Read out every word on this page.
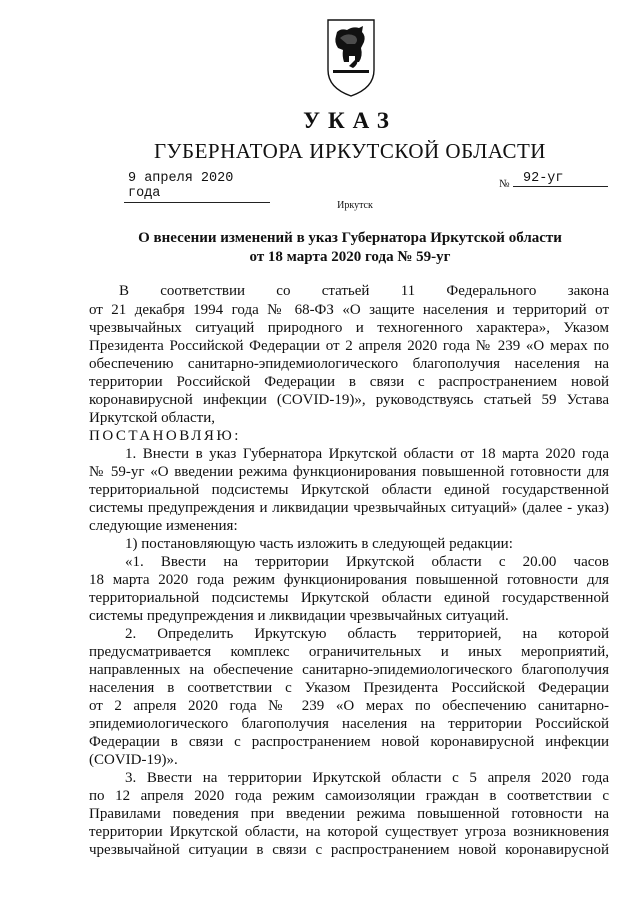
УКАЗ
ГУБЕРНАТОРА ИРКУТСКОЙ ОБЛАСТИ
9 апреля 2020 года
№	92-уг
Иркутск
О внесении изменений в указ Губернатора Иркутской области
от 18 марта 2020 года № 59-уг
В соответствии со статьей 11 Федерального закона
от 21 декабря 1994 года № 68-ФЗ «О защите населения и территорий от
чрезвычайных ситуаций природного и техногенного характера», Указом
Президента Российской Федерации от 2 апреля 2020 года № 239 «О мерах по
обеспечению санитарно-эпидемиологического благополучия населения на
территории Российской Федерации в связи с распространением новой
коронавирусной инфекции (COVID-19)», руководствуясь статьей 59 Устава
Иркутской области,
ПОСТАНОВЛЯЮ:
1. Внести в указ Губернатора Иркутской области от 18 марта 2020 года
№ 59-уг «О введении режима функционирования повышенной готовности для
территориальной подсистемы Иркутской области единой государственной
системы предупреждения и ликвидации чрезвычайных ситуаций» (далее - указ)
следующие изменения:
1) постановляющую часть изложить в следующей редакции:
«1. Ввести на территории Иркутской области с 20.00 часов
18 марта 2020 года режим функционирования повышенной готовности для
территориальной подсистемы Иркутской области единой государственной
системы предупреждения и ликвидации чрезвычайных ситуаций.
2. Определить Иркутскую область территорией, на которой
предусматривается комплекс ограничительных и иных мероприятий,
направленных на обеспечение санитарно-эпидемиологического благополучия
населения в соответствии с Указом Президента Российской Федерации
от 2 апреля 2020 года № 239 «О мерах по обеспечению санитарно-
эпидемиологического благополучия населения на территории Российской
Федерации в связи с распространением новой коронавирусной инфекции
(COVID-19)».
3. Ввести на территории Иркутской области с 5 апреля 2020 года
по 12 апреля 2020 года режим самоизоляции граждан в соответствии с
Правилами поведения при введении режима повышенной готовности на
территории Иркутской области, на которой существует угроза возникновения
чрезвычайной ситуации в связи с распространением новой коронавирусной
